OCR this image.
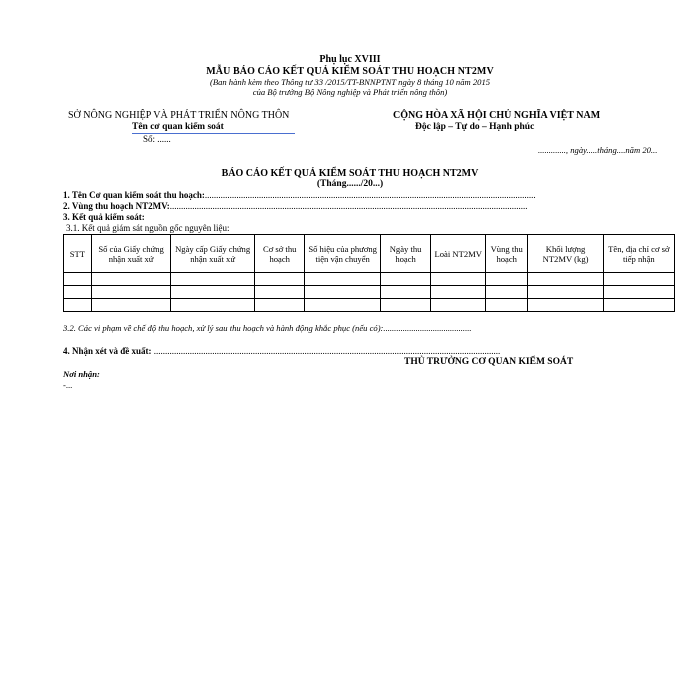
Phụ lục XVIII
MẪU BÁO CÁO KẾT QUẢ KIỂM SOÁT THU HOẠCH NT2MV
(Ban hành kèm theo Thông tư 33 /2015/TT-BNNPTNT ngày 8 tháng 10 năm 2015
của Bộ trưởng Bộ Nông nghiệp và Phát triển nông thôn)
SỞ NÔNG NGHIỆP VÀ PHÁT TRIỂN NÔNG THÔN
Tên cơ quan kiểm soát
Số: ......
CỘNG HÒA XÃ HỘI CHỦ NGHĨA VIỆT NAM
Độc lập – Tự do – Hạnh phúc
............., ngày.....tháng....năm 20...
BÁO CÁO KẾT QUẢ KIỂM SOÁT THU HOẠCH NT2MV
(Tháng....../20...)
1. Tên Cơ quan kiểm soát thu hoạch:...................................................................................................................................................
2. Vùng thu hoạch NT2MV:...............................................................................................................................................................
3. Kết quả kiểm soát:
3.1. Kết quả giám sát nguồn gốc nguyên liệu:
STT	Số của Giấy chứng nhận xuất xứ	Ngày cấp Giấy chứng nhận xuất xứ	Cơ sở thu hoạch	Số hiệu của phương tiện vận chuyển	Ngày thu hoạch	Loài NT2MV	Vùng thu hoạch	Khối lượng NT2MV (kg)	Tên, địa chỉ cơ sở tiếp nhận

3.2. Các vi phạm về chế độ thu hoạch, xử lý sau thu hoạch và hành động khắc phục (nếu có):.........................................
4. Nhận xét và đề xuất: ..........................................................................................................................................................
THỦ TRƯỞNG CƠ QUAN KIỂM SOÁT
Nơi nhận:
-...
